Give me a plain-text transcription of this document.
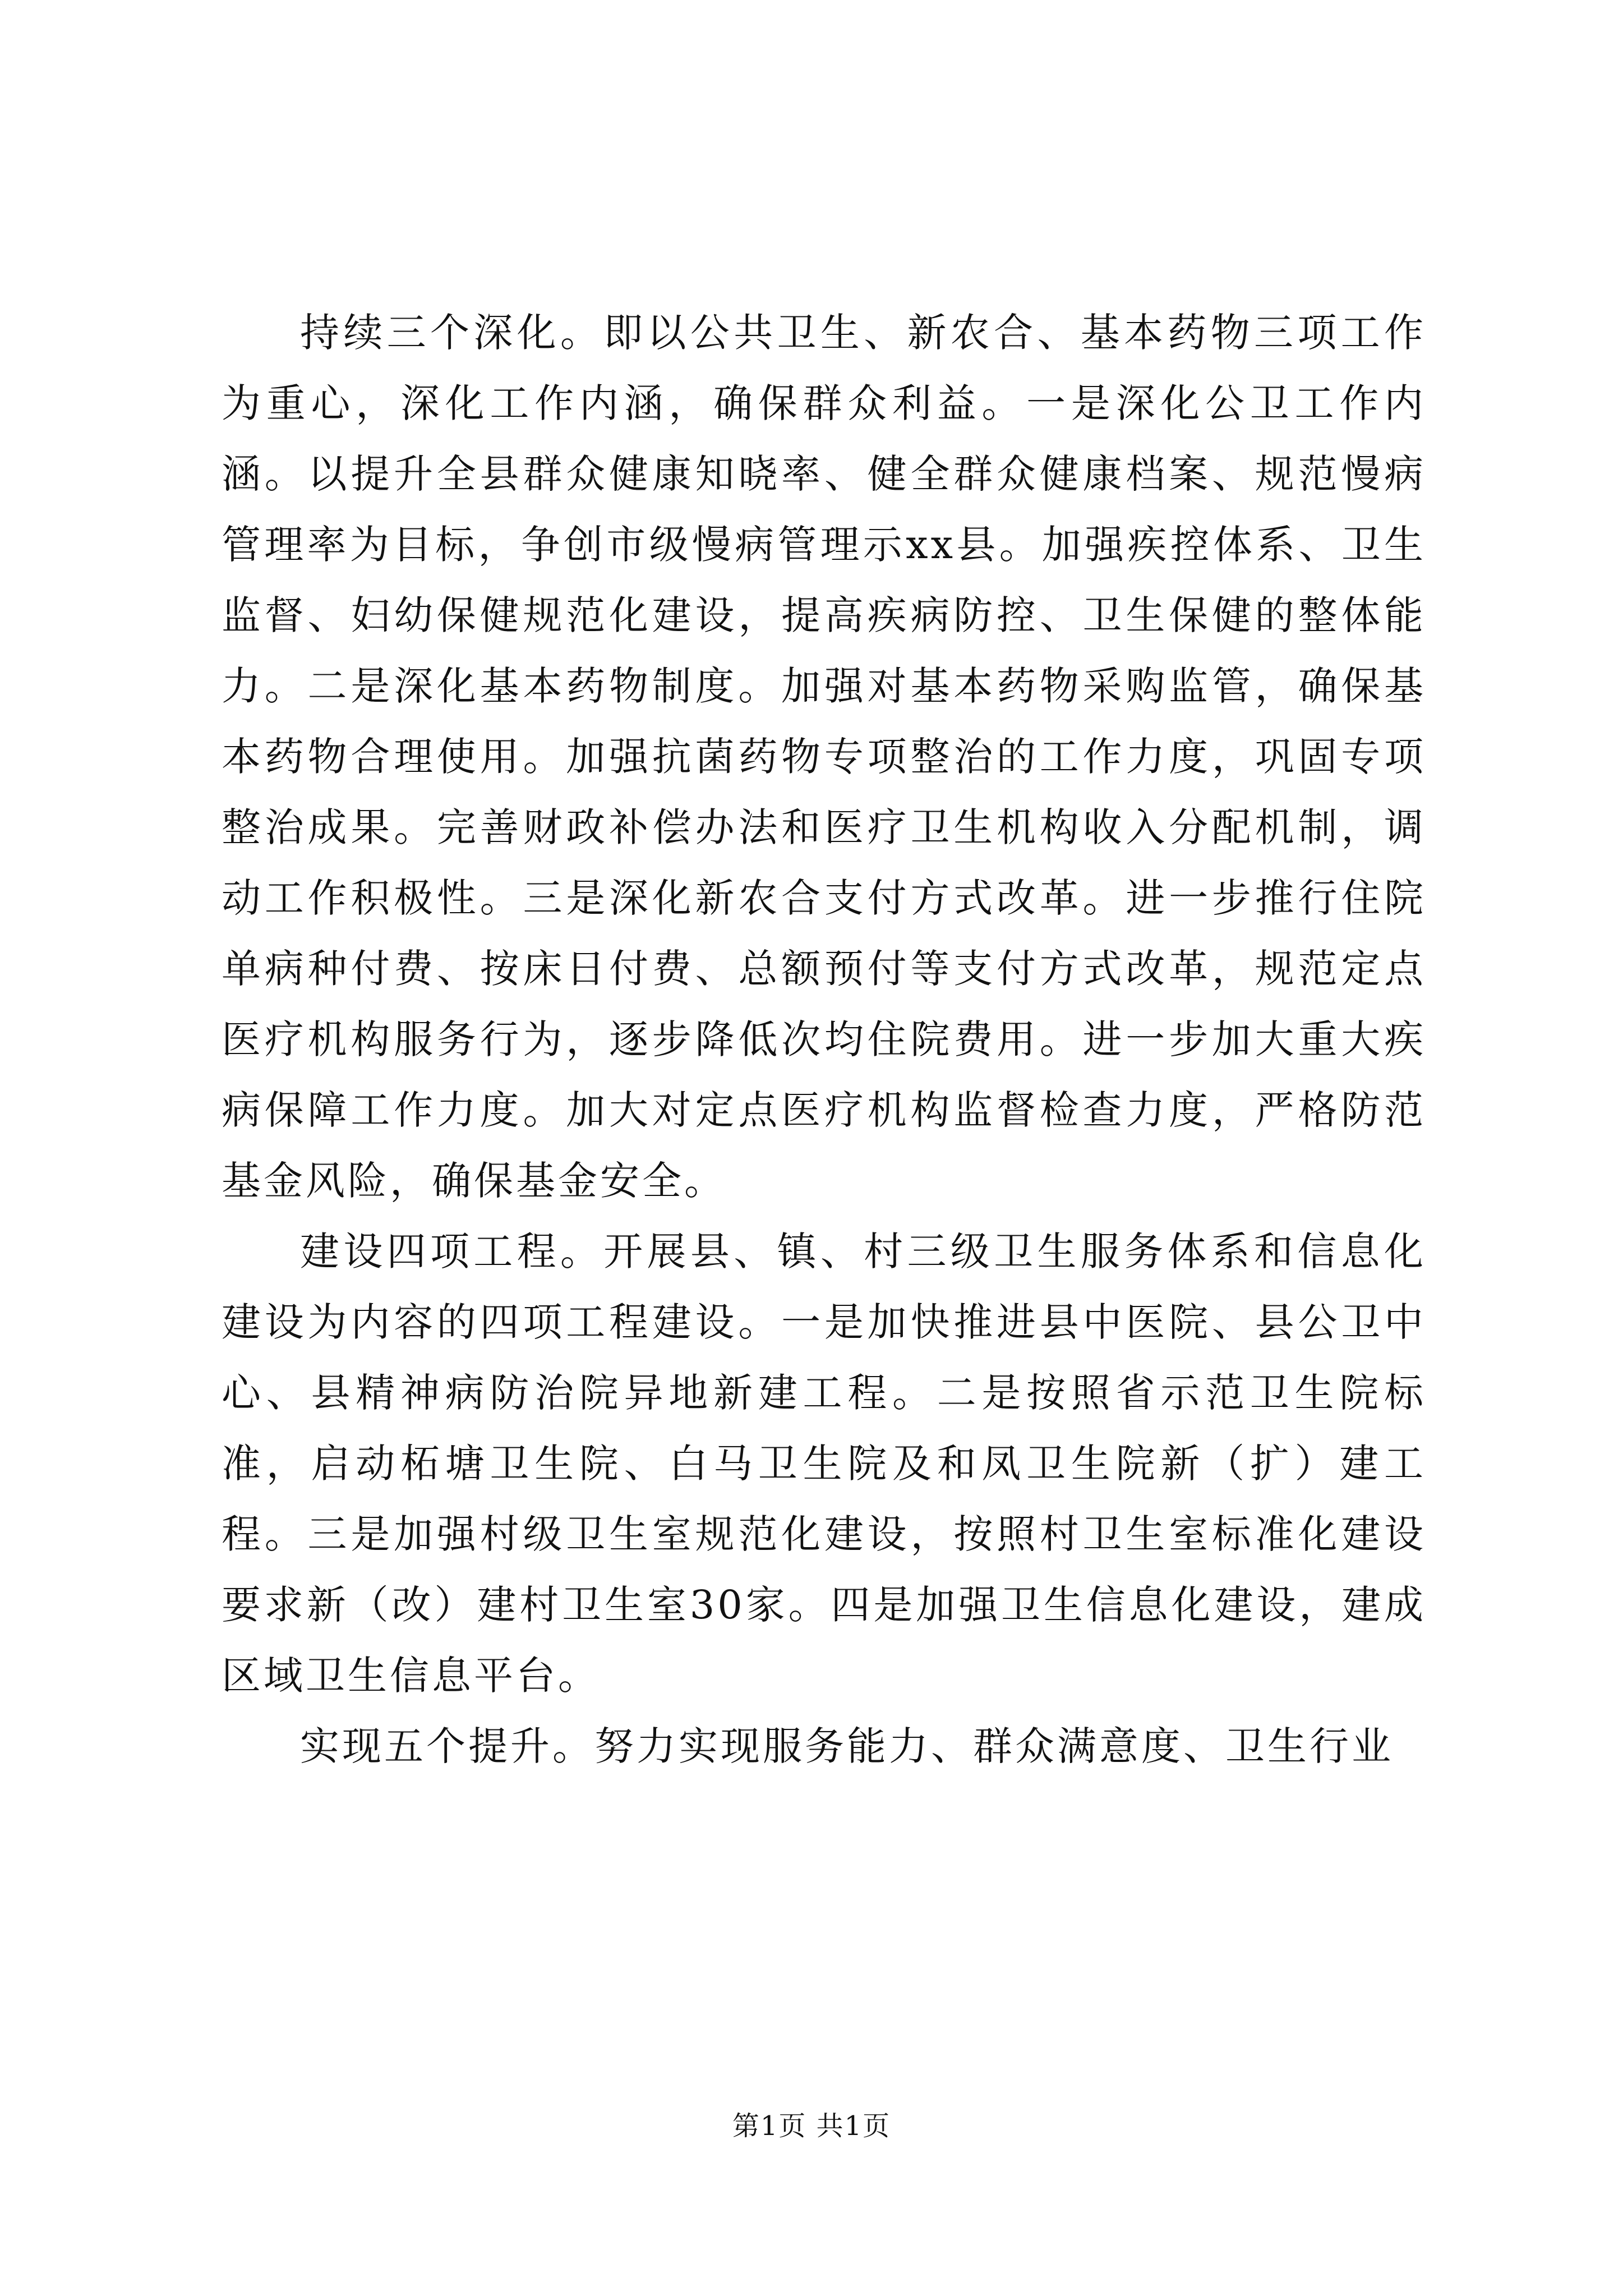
持续三个深化。即以公共卫生、新农合、基本药物三项工作为重心，深化工作内涵，确保群众利益。一是深化公卫工作内涵。以提升全县群众健康知晓率、健全群众健康档案、规范慢病管理率为目标，争创市级慢病管理示xx县。加强疾控体系、卫生监督、妇幼保健规范化建设，提高疾病防控、卫生保健的整体能力。二是深化基本药物制度。加强对基本药物采购监管，确保基本药物合理使用。加强抗菌药物专项整治的工作力度，巩固专项整治成果。完善财政补偿办法和医疗卫生机构收入分配机制，调动工作积极性。三是深化新农合支付方式改革。进一步推行住院单病种付费、按床日付费、总额预付等支付方式改革，规范定点医疗机构服务行为，逐步降低次均住院费用。进一步加大重大疾病保障工作力度。加大对定点医疗机构监督检查力度，严格防范基金风险，确保基金安全。

建设四项工程。开展县、镇、村三级卫生服务体系和信息化建设为内容的四项工程建设。一是加快推进县中医院、县公卫中心、县精神病防治院异地新建工程。二是按照省示范卫生院标准，启动柘塘卫生院、白马卫生院及和凤卫生院新（扩）建工程。三是加强村级卫生室规范化建设，按照村卫生室标准化建设要求新（改）建村卫生室30家。四是加强卫生信息化建设，建成区域卫生信息平台。

实现五个提升。努力实现服务能力、群众满意度、卫生行业

第1页 共1页
